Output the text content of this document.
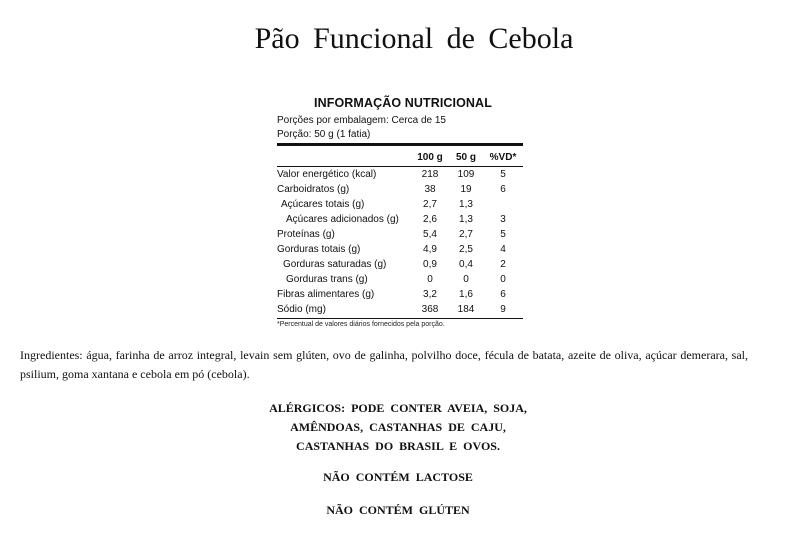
Pão Funcional de Cebola
INFORMAÇÃO NUTRICIONAL
Porções por embalagem: Cerca de 15
Porção: 50 g (1 fatia)
	100 g	50 g	%VD*
Valor energético (kcal)	218	109	5
Carboidratos (g)	38	19	6
Açúcares totais (g)	2,7	1,3	
Açúcares adicionados (g)	2,6	1,3	3
Proteínas (g)	5,4	2,7	5
Gorduras totais (g)	4,9	2,5	4
Gorduras saturadas (g)	0,9	0,4	2
Gorduras trans (g)	0	0	0
Fibras alimentares (g)	3,2	1,6	6
Sódio (mg)	368	184	9
*Percentual de valores diários fornecidos pela porção.
Ingredientes: água, farinha de arroz integral, levain sem glúten, ovo de galinha, polvilho doce, fécula de batata, azeite de oliva, açúcar demerara, sal, psilium, goma xantana e cebola em pó (cebola).
ALÉRGICOS: PODE CONTER AVEIA, SOJA,
AMÊNDOAS, CASTANHAS DE CAJU,
CASTANHAS DO BRASIL E OVOS.
NÃO CONTÉM LACTOSE
NÃO CONTÉM GLÚTEN
